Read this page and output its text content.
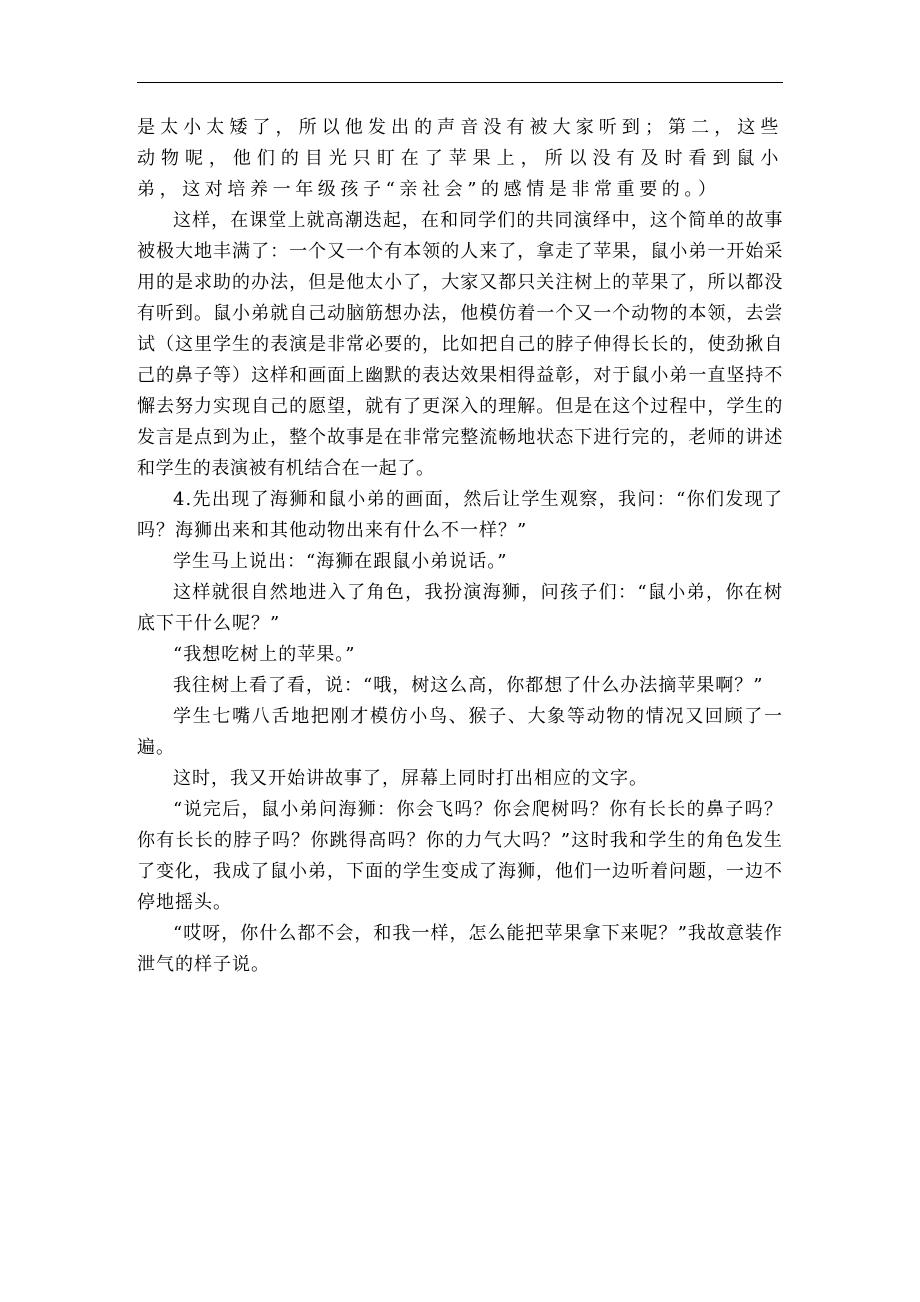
是太小太矮了，所以他发出的声音没有被大家听到；第二，这些动物呢，他们的目光只盯在了苹果上，所以没有及时看到鼠小弟，这对培养一年级孩子“亲社会”的感情是非常重要的。）

这样，在课堂上就高潮迭起，在和同学们的共同演绎中，这个简单的故事被极大地丰满了：一个又一个有本领的人来了，拿走了苹果，鼠小弟一开始采用的是求助的办法，但是他太小了，大家又都只关注树上的苹果了，所以都没有听到。鼠小弟就自己动脑筋想办法，他模仿着一个又一个动物的本领，去尝试（这里学生的表演是非常必要的，比如把自己的脖子伸得长长的，使劲揪自己的鼻子等）这样和画面上幽默的表达效果相得益彰，对于鼠小弟一直坚持不懈去努力实现自己的愿望，就有了更深入的理解。但是在这个过程中，学生的发言是点到为止，整个故事是在非常完整流畅地状态下进行完的，老师的讲述和学生的表演被有机结合在一起了。

4.先出现了海狮和鼠小弟的画面，然后让学生观察，我问：“你们发现了吗？海狮出来和其他动物出来有什么不一样？”

学生马上说出：“海狮在跟鼠小弟说话。”

这样就很自然地进入了角色，我扮演海狮，问孩子们：“鼠小弟，你在树底下干什么呢？”

“我想吃树上的苹果。”

我往树上看了看，说：“哦，树这么高，你都想了什么办法摘苹果啊？”

学生七嘴八舌地把刚才模仿小鸟、猴子、大象等动物的情况又回顾了一遍。

这时，我又开始讲故事了，屏幕上同时打出相应的文字。

“说完后，鼠小弟问海狮：你会飞吗？你会爬树吗？你有长长的鼻子吗？你有长长的脖子吗？你跳得高吗？你的力气大吗？”这时我和学生的角色发生了变化，我成了鼠小弟，下面的学生变成了海狮，他们一边听着问题，一边不停地摇头。

“哎呀，你什么都不会，和我一样，怎么能把苹果拿下来呢？”我故意装作泄气的样子说。
